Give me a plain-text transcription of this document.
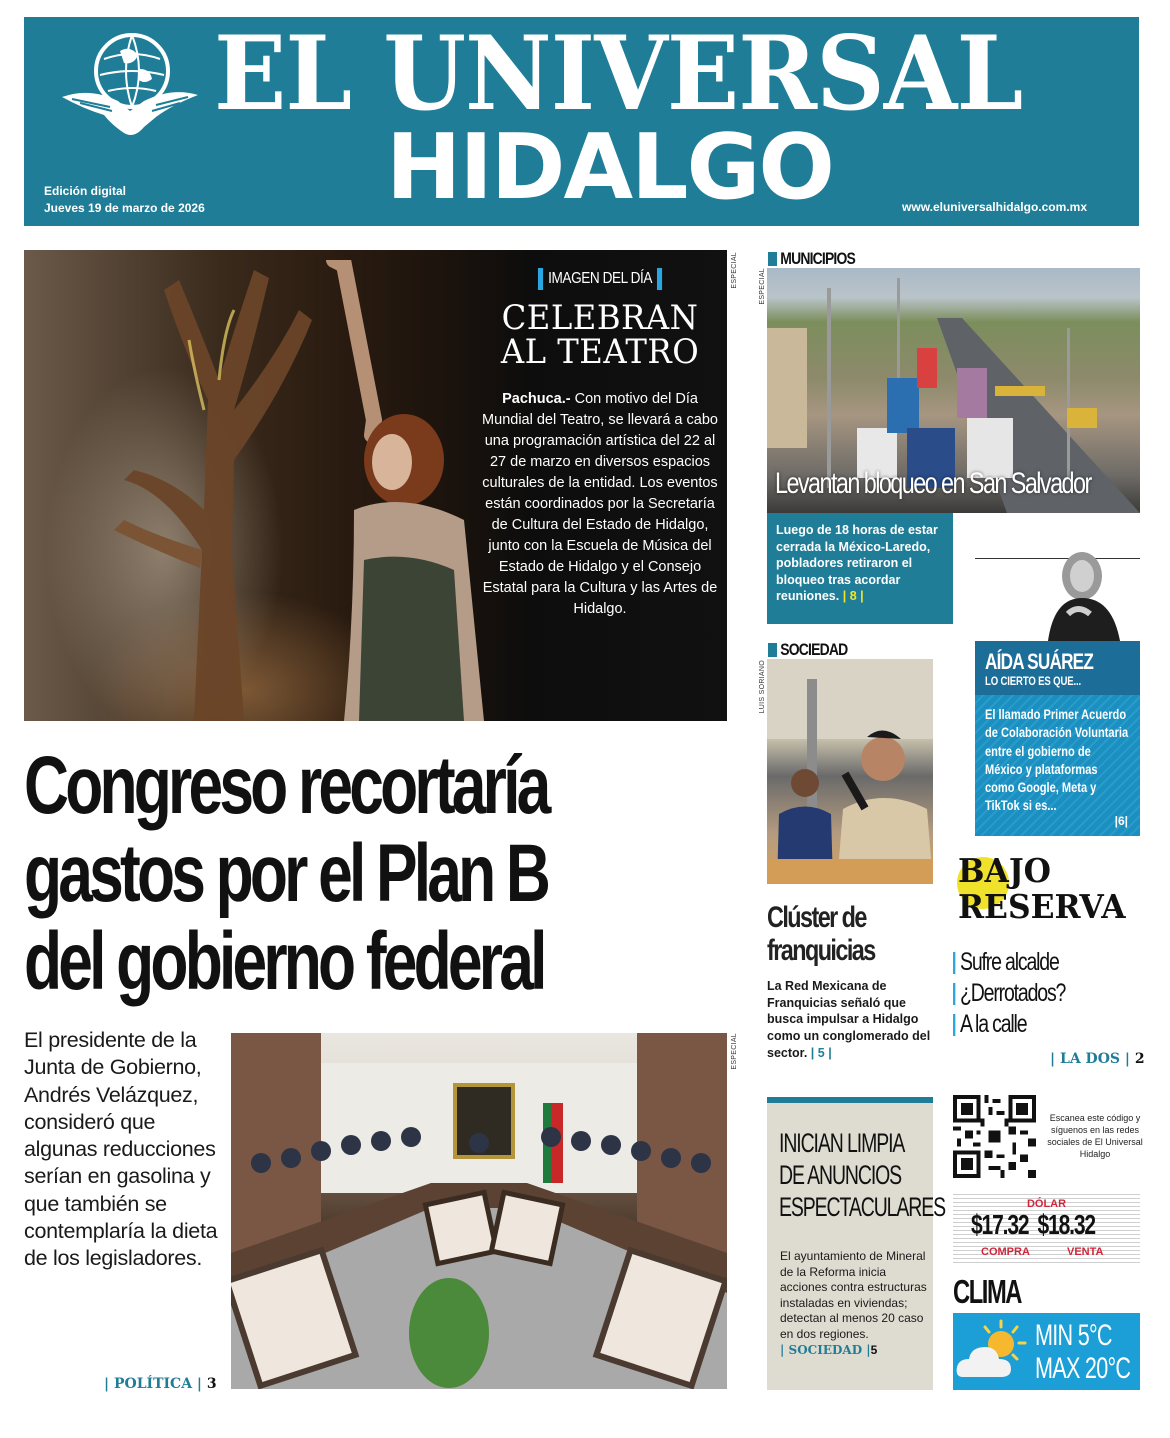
EL UNIVERSAL
HIDALGO
Edición digital
Jueves 19 de marzo de 2026	www.eluniversalhidalgo.com.mx
IMAGEN DEL DÍA
CELEBRAN
AL TEATRO

Pachuca.- Con motivo del Día Mundial del Teatro, se llevará a cabo una programación artística del 22 al 27 de marzo en diversos espacios culturales de la entidad. Los eventos están coordinados por la Secretaría de Cultura del Estado de Hidalgo, junto con la Escuela de Música del Estado de Hidalgo y el Consejo Estatal para la Cultura y las Artes de Hidalgo.

ESPECIAL
Congreso recortaría
gastos por el Plan B
del gobierno federal

El presidente de la Junta de Gobierno, Andrés Velázquez, consideró que algunas reducciones serían en gasolina y que también se contemplaría la dieta de los legisladores.

| POLÍTICA | 3
ESPECIAL
MUNICIPIOS
ESPECIAL
Levantan bloqueo en San Salvador
Luego de 18 horas de estar cerrada la México-Laredo, pobladores retiraron el bloqueo tras acordar reuniones. | 8 |
AÍDA SUÁREZ
LO CIERTO ES QUE...
El llamado Primer Acuerdo de Colaboración Voluntaria entre el gobierno de México y plataformas como Google, Meta y TikTok si es...
|6|
SOCIEDAD
LUIS SORIANO
Clúster de
franquicias

La Red Mexicana de Franquicias señaló que busca impulsar a Hidalgo como un conglomerado del sector. | 5 |

BAJO
RESERVA
Sufre alcalde
¿Derrotados?
A la calle
| LA DOS | 2
INICIAN LIMPIA
DE ANUNCIOS
ESPECTACULARES
El ayuntamiento de Mineral de la Reforma inicia acciones contra estructuras instaladas en viviendas; detectan al menos 20 caso en dos regiones.
| SOCIEDAD |5
Escanea este código y síguenos en las redes sociales de El Universal Hidalgo
DÓLAR
$17.32 $18.32
COMPRA	VENTA
CLIMA
MIN 5°C
MAX 20°C
